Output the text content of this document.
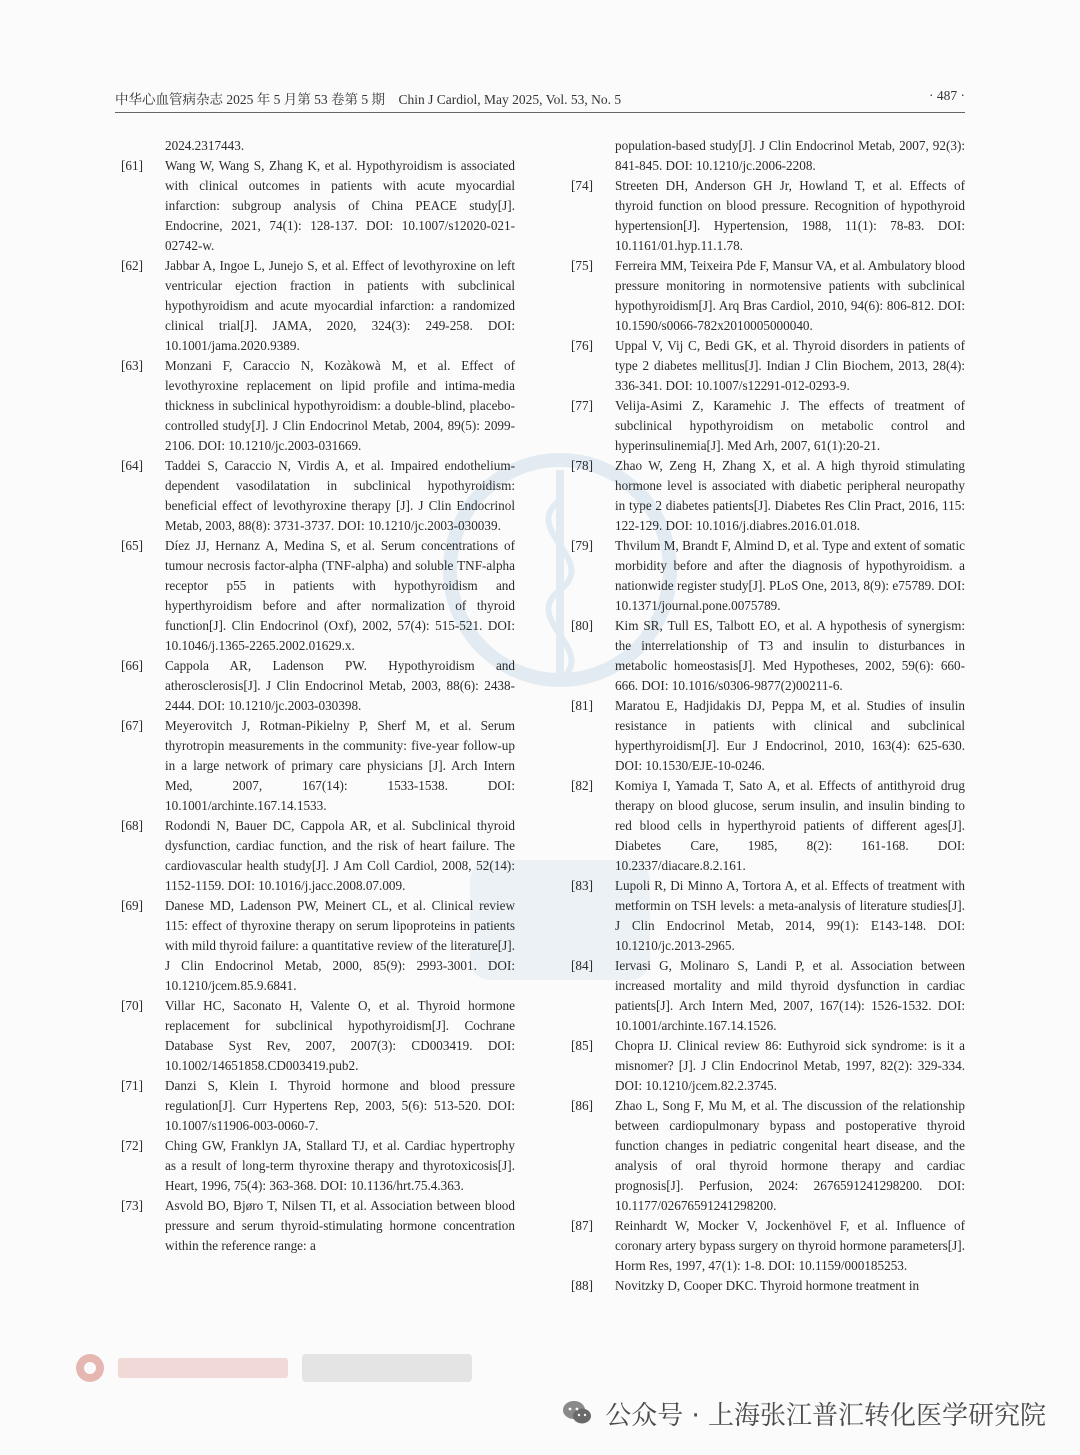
中华心血管病杂志 2025 年 5 月第 53 卷第 5 期　Chin J Cardiol, May 2025, Vol. 53, No. 5	· 487 ·
2024.2317443.
[61] Wang W, Wang S, Zhang K, et al. Hypothyroidism is associated with clinical outcomes in patients with acute myocardial infarction: subgroup analysis of China PEACE study[J]. Endocrine, 2021, 74(1): 128-137. DOI: 10.1007/s12020-021-02742-w.
[62] Jabbar A, Ingoe L, Junejo S, et al. Effect of levothyroxine on left ventricular ejection fraction in patients with subclinical hypothyroidism and acute myocardial infarction: a randomized clinical trial[J]. JAMA, 2020, 324(3): 249-258. DOI: 10.1001/jama.2020.9389.
[63] Monzani F, Caraccio N, Kozàkowà M, et al. Effect of levothyroxine replacement on lipid profile and intima-media thickness in subclinical hypothyroidism: a double-blind, placebo-controlled study[J]. J Clin Endocrinol Metab, 2004, 89(5): 2099-2106. DOI: 10.1210/jc.2003-031669.
[64] Taddei S, Caraccio N, Virdis A, et al. Impaired endothelium-dependent vasodilatation in subclinical hypothyroidism: beneficial effect of levothyroxine therapy [J]. J Clin Endocrinol Metab, 2003, 88(8): 3731-3737. DOI: 10.1210/jc.2003-030039.
[65] Díez JJ, Hernanz A, Medina S, et al. Serum concentrations of tumour necrosis factor-alpha (TNF-alpha) and soluble TNF-alpha receptor p55 in patients with hypothyroidism and hyperthyroidism before and after normalization of thyroid function[J]. Clin Endocrinol (Oxf), 2002, 57(4): 515-521. DOI: 10.1046/j.1365-2265.2002.01629.x.
[66] Cappola AR, Ladenson PW. Hypothyroidism and atherosclerosis[J]. J Clin Endocrinol Metab, 2003, 88(6): 2438-2444. DOI: 10.1210/jc.2003-030398.
[67] Meyerovitch J, Rotman-Pikielny P, Sherf M, et al. Serum thyrotropin measurements in the community: five-year follow-up in a large network of primary care physicians [J]. Arch Intern Med, 2007, 167(14): 1533-1538. DOI: 10.1001/archinte.167.14.1533.
[68] Rodondi N, Bauer DC, Cappola AR, et al. Subclinical thyroid dysfunction, cardiac function, and the risk of heart failure. The cardiovascular health study[J]. J Am Coll Cardiol, 2008, 52(14): 1152-1159. DOI: 10.1016/j.jacc.2008.07.009.
[69] Danese MD, Ladenson PW, Meinert CL, et al. Clinical review 115: effect of thyroxine therapy on serum lipoproteins in patients with mild thyroid failure: a quantitative review of the literature[J]. J Clin Endocrinol Metab, 2000, 85(9): 2993-3001. DOI: 10.1210/jcem.85.9.6841.
[70] Villar HC, Saconato H, Valente O, et al. Thyroid hormone replacement for subclinical hypothyroidism[J]. Cochrane Database Syst Rev, 2007, 2007(3): CD003419. DOI: 10.1002/14651858.CD003419.pub2.
[71] Danzi S, Klein I. Thyroid hormone and blood pressure regulation[J]. Curr Hypertens Rep, 2003, 5(6): 513-520. DOI: 10.1007/s11906-003-0060-7.
[72] Ching GW, Franklyn JA, Stallard TJ, et al. Cardiac hypertrophy as a result of long-term thyroxine therapy and thyrotoxicosis[J]. Heart, 1996, 75(4): 363-368. DOI: 10.1136/hrt.75.4.363.
[73] Asvold BO, Bjøro T, Nilsen TI, et al. Association between blood pressure and serum thyroid-stimulating hormone concentration within the reference range: a
population-based study[J]. J Clin Endocrinol Metab, 2007, 92(3): 841-845. DOI: 10.1210/jc.2006-2208.
[74] Streeten DH, Anderson GH Jr, Howland T, et al. Effects of thyroid function on blood pressure. Recognition of hypothyroid hypertension[J]. Hypertension, 1988, 11(1): 78-83. DOI: 10.1161/01.hyp.11.1.78.
[75] Ferreira MM, Teixeira Pde F, Mansur VA, et al. Ambulatory blood pressure monitoring in normotensive patients with subclinical hypothyroidism[J]. Arq Bras Cardiol, 2010, 94(6): 806-812. DOI: 10.1590/s0066-782x2010005000040.
[76] Uppal V, Vij C, Bedi GK, et al. Thyroid disorders in patients of type 2 diabetes mellitus[J]. Indian J Clin Biochem, 2013, 28(4): 336-341. DOI: 10.1007/s12291-012-0293-9.
[77] Velija-Asimi Z, Karamehic J. The effects of treatment of subclinical hypothyroidism on metabolic control and hyperinsulinemia[J]. Med Arh, 2007, 61(1):20-21.
[78] Zhao W, Zeng H, Zhang X, et al. A high thyroid stimulating hormone level is associated with diabetic peripheral neuropathy in type 2 diabetes patients[J]. Diabetes Res Clin Pract, 2016, 115: 122-129. DOI: 10.1016/j.diabres.2016.01.018.
[79] Thvilum M, Brandt F, Almind D, et al. Type and extent of somatic morbidity before and after the diagnosis of hypothyroidism. a nationwide register study[J]. PLoS One, 2013, 8(9): e75789. DOI: 10.1371/journal.pone.0075789.
[80] Kim SR, Tull ES, Talbott EO, et al. A hypothesis of synergism: the interrelationship of T3 and insulin to disturbances in metabolic homeostasis[J]. Med Hypotheses, 2002, 59(6): 660-666. DOI: 10.1016/s0306-9877(2)00211-6.
[81] Maratou E, Hadjidakis DJ, Peppa M, et al. Studies of insulin resistance in patients with clinical and subclinical hyperthyroidism[J]. Eur J Endocrinol, 2010, 163(4): 625-630. DOI: 10.1530/EJE-10-0246.
[82] Komiya I, Yamada T, Sato A, et al. Effects of antithyroid drug therapy on blood glucose, serum insulin, and insulin binding to red blood cells in hyperthyroid patients of different ages[J]. Diabetes Care, 1985, 8(2): 161-168. DOI: 10.2337/diacare.8.2.161.
[83] Lupoli R, Di Minno A, Tortora A, et al. Effects of treatment with metformin on TSH levels: a meta-analysis of literature studies[J]. J Clin Endocrinol Metab, 2014, 99(1): E143-148. DOI: 10.1210/jc.2013-2965.
[84] Iervasi G, Molinaro S, Landi P, et al. Association between increased mortality and mild thyroid dysfunction in cardiac patients[J]. Arch Intern Med, 2007, 167(14): 1526-1532. DOI: 10.1001/archinte.167.14.1526.
[85] Chopra IJ. Clinical review 86: Euthyroid sick syndrome: is it a misnomer? [J]. J Clin Endocrinol Metab, 1997, 82(2): 329-334. DOI: 10.1210/jcem.82.2.3745.
[86] Zhao L, Song F, Mu M, et al. The discussion of the relationship between cardiopulmonary bypass and postoperative thyroid function changes in pediatric congenital heart disease, and the analysis of oral thyroid hormone therapy and cardiac prognosis[J]. Perfusion, 2024: 2676591241298200. DOI: 10.1177/02676591241298200.
[87] Reinhardt W, Mocker V, Jockenhövel F, et al. Influence of coronary artery bypass surgery on thyroid hormone parameters[J]. Horm Res, 1997, 47(1): 1-8. DOI: 10.1159/000185253.
[88] Novitzky D, Cooper DKC. Thyroid hormone treatment in
公众号 · 上海张江普汇转化医学研究院
